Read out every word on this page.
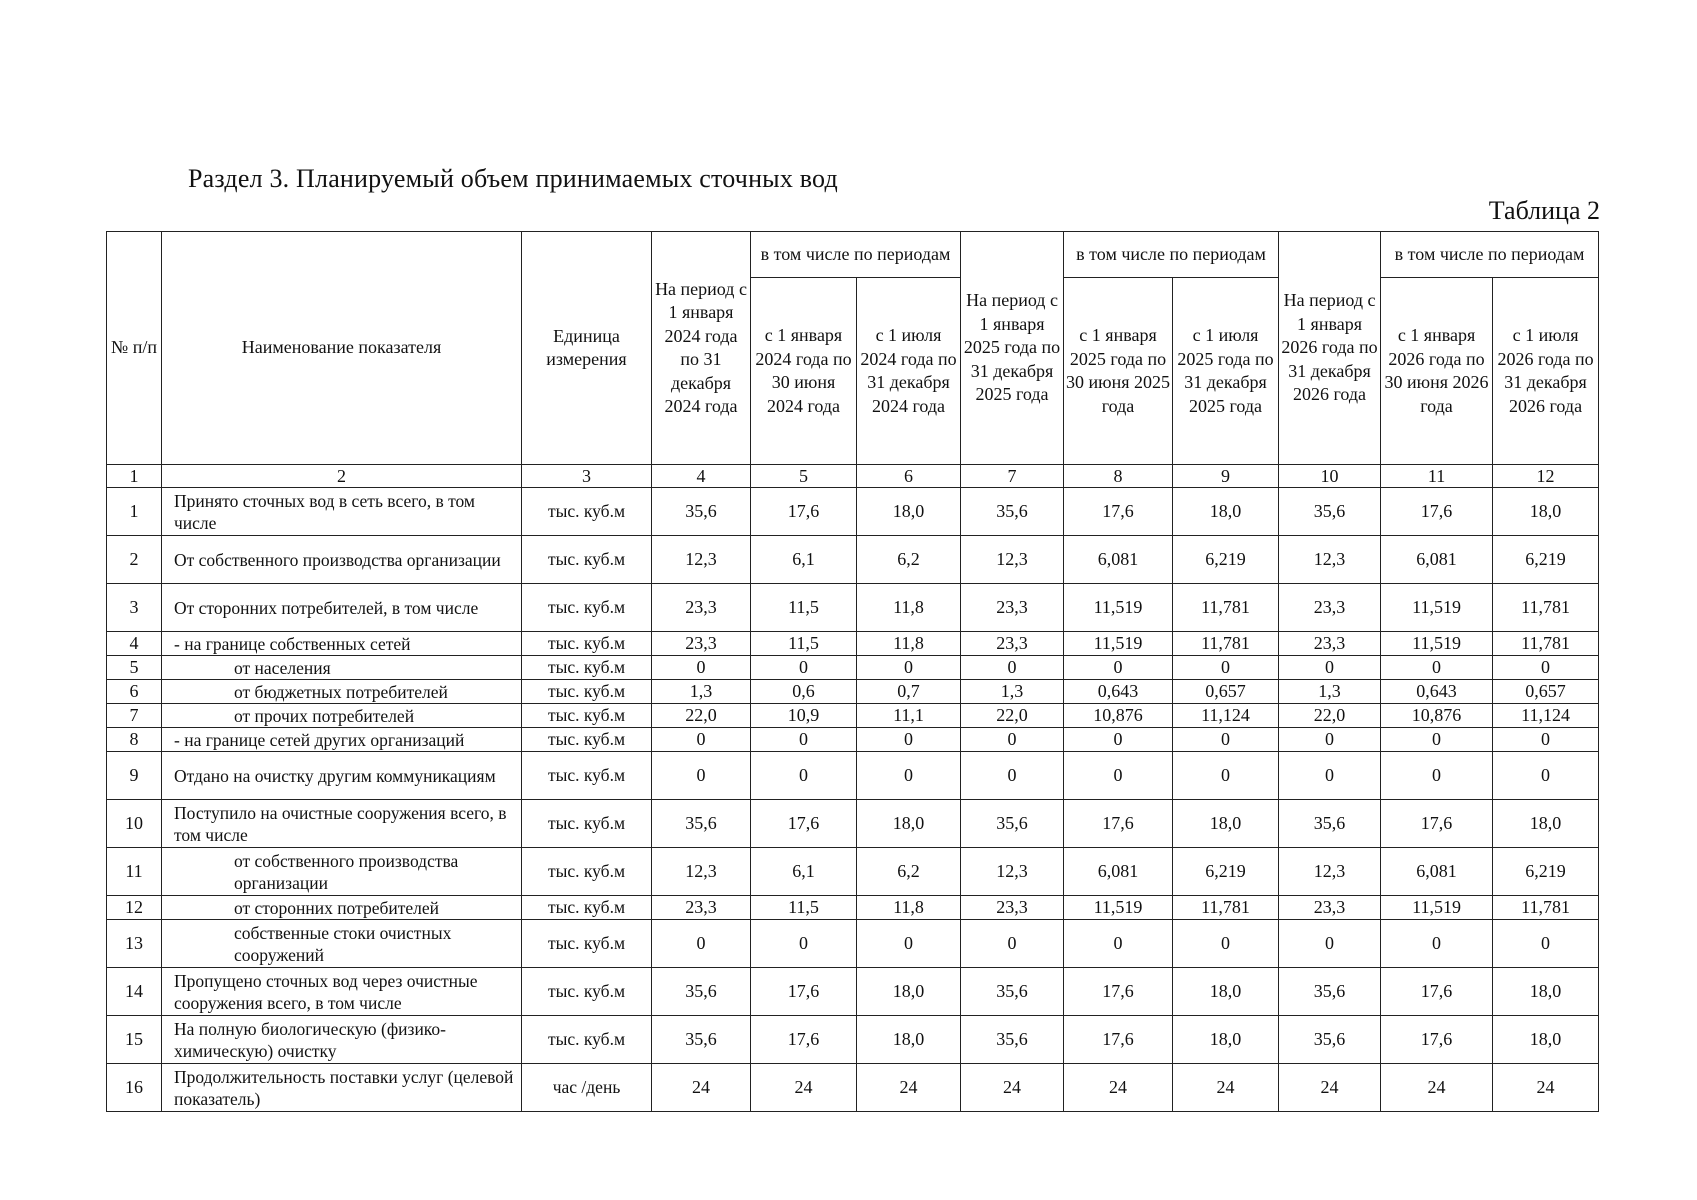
Раздел 3. Планируемый объем принимаемых сточных вод
Таблица 2
№ п/п	Наименование показателя	Единица измерения	На период с 1 января 2024 года по 31 декабря 2024 года	в том числе по периодам		На период с 1 января 2025 года по 31 декабря 2025 года	в том числе по периодам		На период с 1 января 2026 года по 31 декабря 2026 года	в том числе по периодам	
				с 1 января 2024 года по 30 июня 2024 года	с 1 июля 2024 года по 31 декабря 2024 года		с 1 января 2025 года по 30 июня 2025 года	с 1 июля 2025 года по 31 декабря 2025 года		с 1 января 2026 года по 30 июня 2026 года	с 1 июля 2026 года по 31 декабря 2026 года
1	2	3	4	5	6	7	8	9	10	11	12
1	Принято сточных вод в сеть всего, в том числе	тыс. куб.м	35,6	17,6	18,0	35,6	17,6	18,0	35,6	17,6	18,0
2	От собственного производства организации	тыс. куб.м	12,3	6,1	6,2	12,3	6,081	6,219	12,3	6,081	6,219
3	От сторонних потребителей, в том числе	тыс. куб.м	23,3	11,5	11,8	23,3	11,519	11,781	23,3	11,519	11,781
4	- на границе собственных сетей	тыс. куб.м	23,3	11,5	11,8	23,3	11,519	11,781	23,3	11,519	11,781
5	от населения	тыс. куб.м	0	0	0	0	0	0	0	0	0
6	от бюджетных потребителей	тыс. куб.м	1,3	0,6	0,7	1,3	0,643	0,657	1,3	0,643	0,657
7	от прочих потребителей	тыс. куб.м	22,0	10,9	11,1	22,0	10,876	11,124	22,0	10,876	11,124
8	- на границе сетей других организаций	тыс. куб.м	0	0	0	0	0	0	0	0	0
9	Отдано на очистку другим коммуникациям	тыс. куб.м	0	0	0	0	0	0	0	0	0
10	Поступило на очистные сооружения всего, в том числе	тыс. куб.м	35,6	17,6	18,0	35,6	17,6	18,0	35,6	17,6	18,0
11	от собственного производства организации	тыс. куб.м	12,3	6,1	6,2	12,3	6,081	6,219	12,3	6,081	6,219
12	от сторонних потребителей	тыс. куб.м	23,3	11,5	11,8	23,3	11,519	11,781	23,3	11,519	11,781
13	собственные стоки очистных сооружений	тыс. куб.м	0	0	0	0	0	0	0	0	0
14	Пропущено сточных вод через очистные сооружения всего, в том числе	тыс. куб.м	35,6	17,6	18,0	35,6	17,6	18,0	35,6	17,6	18,0
15	На полную биологическую (физико-химическую) очистку	тыс. куб.м	35,6	17,6	18,0	35,6	17,6	18,0	35,6	17,6	18,0
16	Продолжительность поставки услуг (целевой показатель)	час /день	24	24	24	24	24	24	24	24	24
